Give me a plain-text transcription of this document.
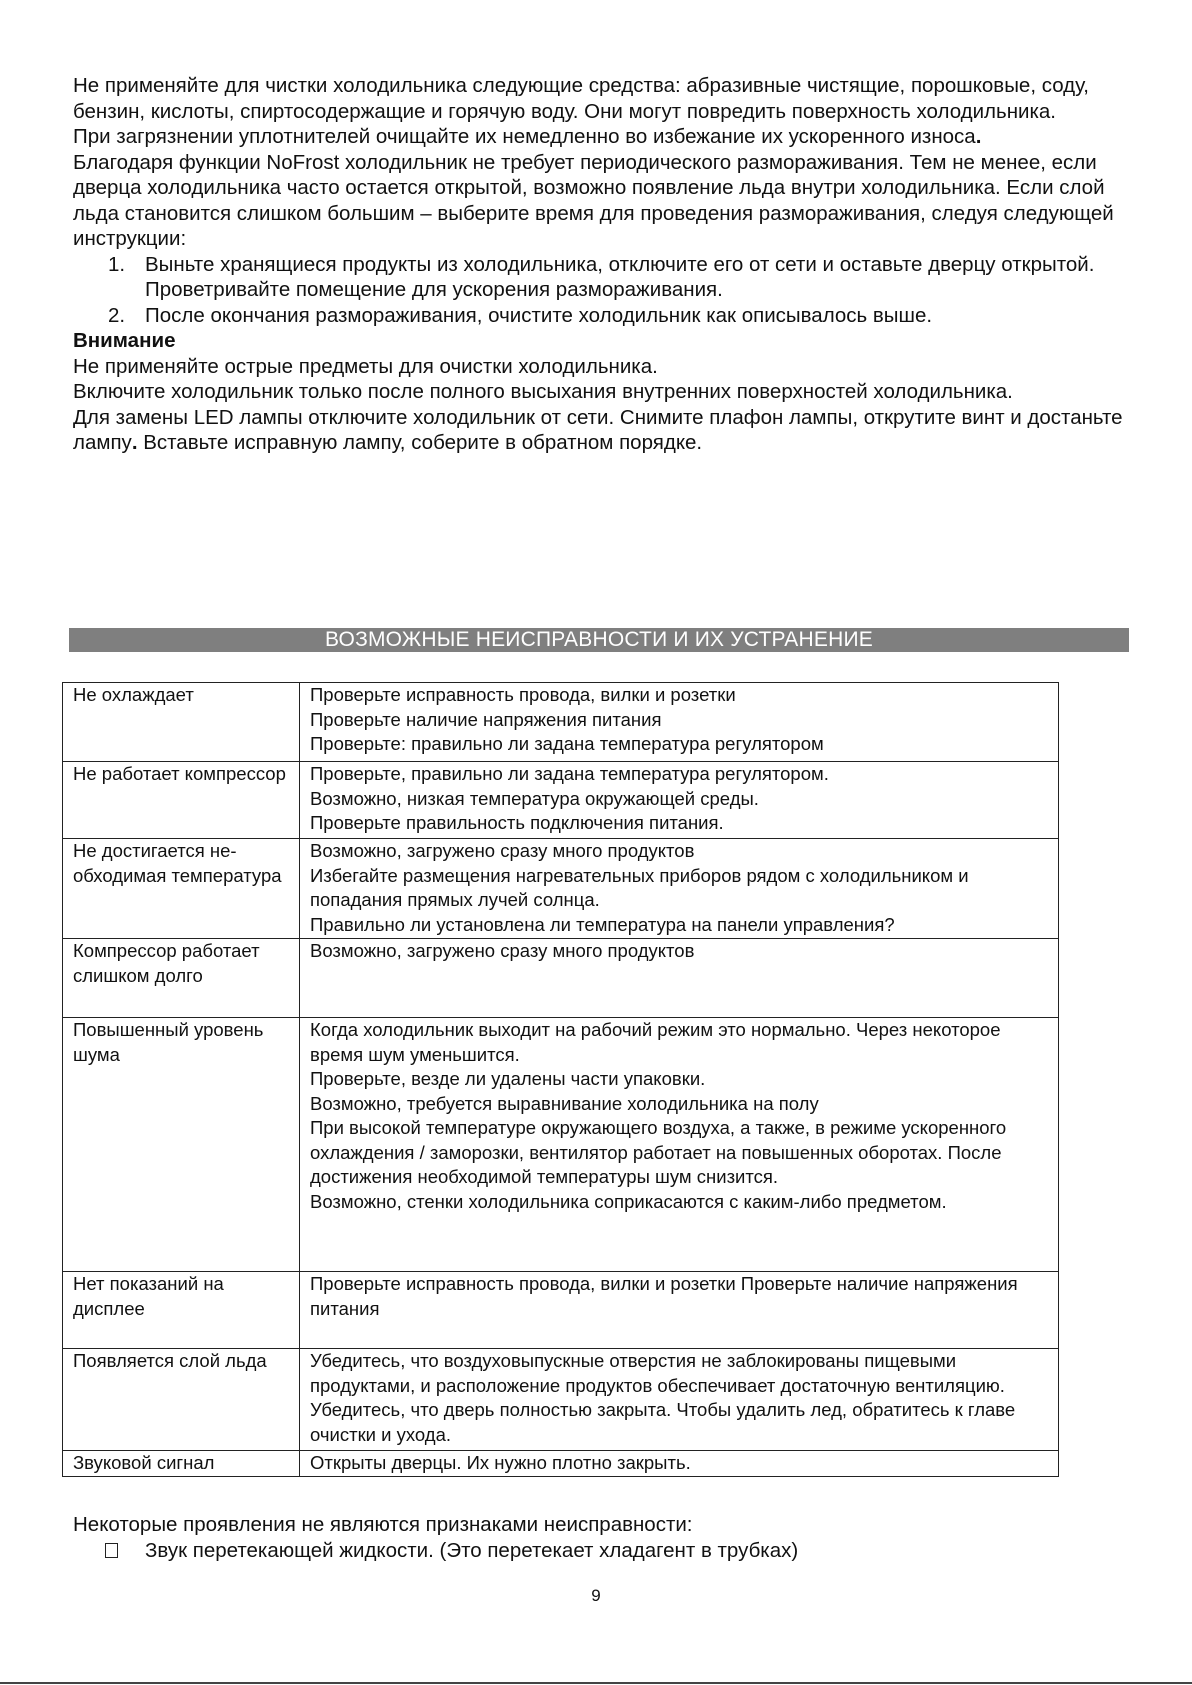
Не применяйте для чистки холодильника следующие средства: абразивные чистящие, порошковые, соду, бензин, кислоты, спиртосодержащие и горячую воду. Они могут повредить поверхность холодильника.

При загрязнении уплотнителей очищайте их немедленно во избежание их ускоренного износа.

Благодаря функции NoFrost холодильник не требует периодического размораживания. Тем не менее, если дверца холодильника часто остается открытой, возможно появление льда внутри холодильника. Если слой льда становится слишком большим – выберите время для проведения размораживания, следуя следующей инструкции:

1. Выньте хранящиеся продукты из холодильника, отключите его от сети и оставьте дверцу открытой. Проветривайте помещение для ускорения размораживания.
2. После окончания размораживания, очистите холодильник как описывалось выше.

Внимание

Не применяйте острые предметы для очистки холодильника.

Включите холодильник только после полного высыхания внутренних поверхностей холодильника.

Для замены LED лампы отключите холодильник от сети. Снимите плафон лампы, открутите винт и достаньте лампу. Вставьте исправную лампу, соберите в обратном порядке.

ВОЗМОЖНЫЕ НЕИСПРАВНОСТИ И ИХ УСТРАНЕНИЕ
Не охлаждает	Проверьте исправность провода, вилки и розетки
Проверьте наличие напряжения питания
Проверьте: правильно ли задана температура регулятором

Не работает компрессор	Проверьте, правильно ли задана температура регулятором.
Возможно, низкая температура окружающей среды.
Проверьте правильность подключения питания.

Не достигается необходимая температура	Возможно, загружено сразу много продуктов
Избегайте размещения нагревательных приборов рядом с холодильником и попадания прямых лучей солнца.
Правильно ли установлена ли температура на панели управления?

Компрессор работает слишком долго	Возможно, загружено сразу много продуктов

Повышенный уровень шума	Когда холодильник выходит на рабочий режим это нормально. Через некоторое время шум уменьшится.
Проверьте, везде ли удалены части упаковки.
Возможно, требуется выравнивание холодильника на полу
При высокой температуре окружающего воздуха, а также, в режиме ускоренного охлаждения / заморозки, вентилятор работает на повышенных оборотах. После достижения необходимой температуры шум снизится.
Возможно, стенки холодильника соприкасаются с каким-либо предметом.

Нет показаний на дисплее	Проверьте исправность провода, вилки и розетки Проверьте наличие напряжения питания

Появляется слой льда	Убедитесь, что воздуховыпускные отверстия не заблокированы пищевыми продуктами, и расположение продуктов обеспечивает достаточную вентиляцию. Убедитесь, что дверь полностью закрыта. Чтобы удалить лед, обратитесь к главе очистки и ухода.

Звуковой сигнал	Открыты дверцы. Их нужно плотно закрыть.

Некоторые проявления не являются признаками неисправности:

Звук перетекающей жидкости. (Это перетекает хладагент в трубках)

9
